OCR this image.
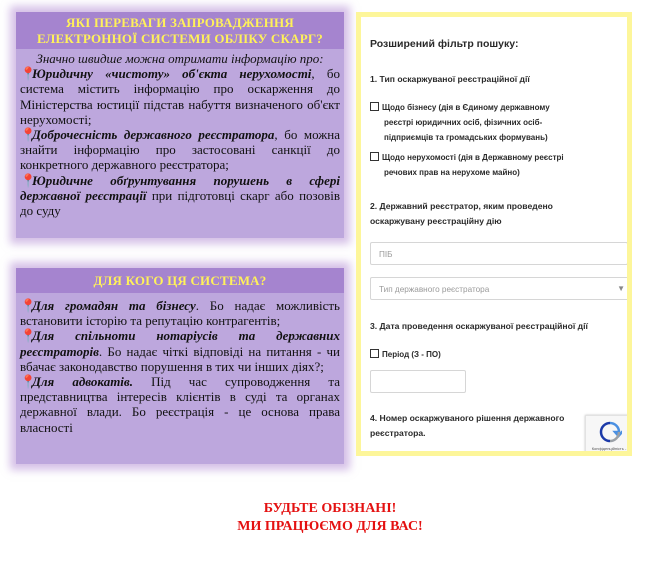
ЯКІ ПЕРЕВАГИ ЗАПРОВАДЖЕННЯ
ЕЛЕКТРОННОЇ СИСТЕМИ ОБЛІКУ СКАРГ?
Значно швидше можна отримати інформацію про:
📍Юридичну «чистоту» об'єкта нерухомості, бо система містить інформацію про оскарження до Міністерства юстиції підстав набуття визначеного об'єкт нерухомості;
📍Доброчесність державного реєстратора, бо можна знайти інформацію про застосовані санкції до конкретного державного реєстратора;
📍Юридичне обґрунтування порушень в сфері державної реєстрації при підготовці скарг або позовів до суду
ДЛЯ КОГО ЦЯ СИСТЕМА?
📍Для громадян та бізнесу. Бо надає можливість встановити історію та репутацію контрагентів;
📍Для спільноти нотаріусів та державних реєстраторів. Бо надає чіткі відповіді на питання - чи вбачає законодавство порушення в тих чи інших діях?;
📍Для адвокатів. Під час супроводження та представництва інтересів клієнтів в суді та органах державної влади. Бо реєстрація - це основа права власності
Розширений фільтр пошуку:
1. Тип оскаржуваної реєстраційної дії
Щодо бізнесу (дія в Єдиному державному
реєстрі юридичних осіб, фізичних осіб-
підприємців та громадських формувань)
Щодо нерухомості (дія в Державному реєстрі
речових прав на нерухоме майно)
2. Державний реєстратор, яким проведено
оскаржувану реєстраційну дію
ПІБ
Тип державного реєстратора	▼
3. Дата проведення оскаржуваної реєстраційної дії
Період (З - ПО)
4. Номер оскаржуваного рішення державного
реєстратора.
Конфіденційність - Умови
БУДЬТЕ ОБІЗНАНІ!
МИ ПРАЦЮЄМО ДЛЯ ВАС!
